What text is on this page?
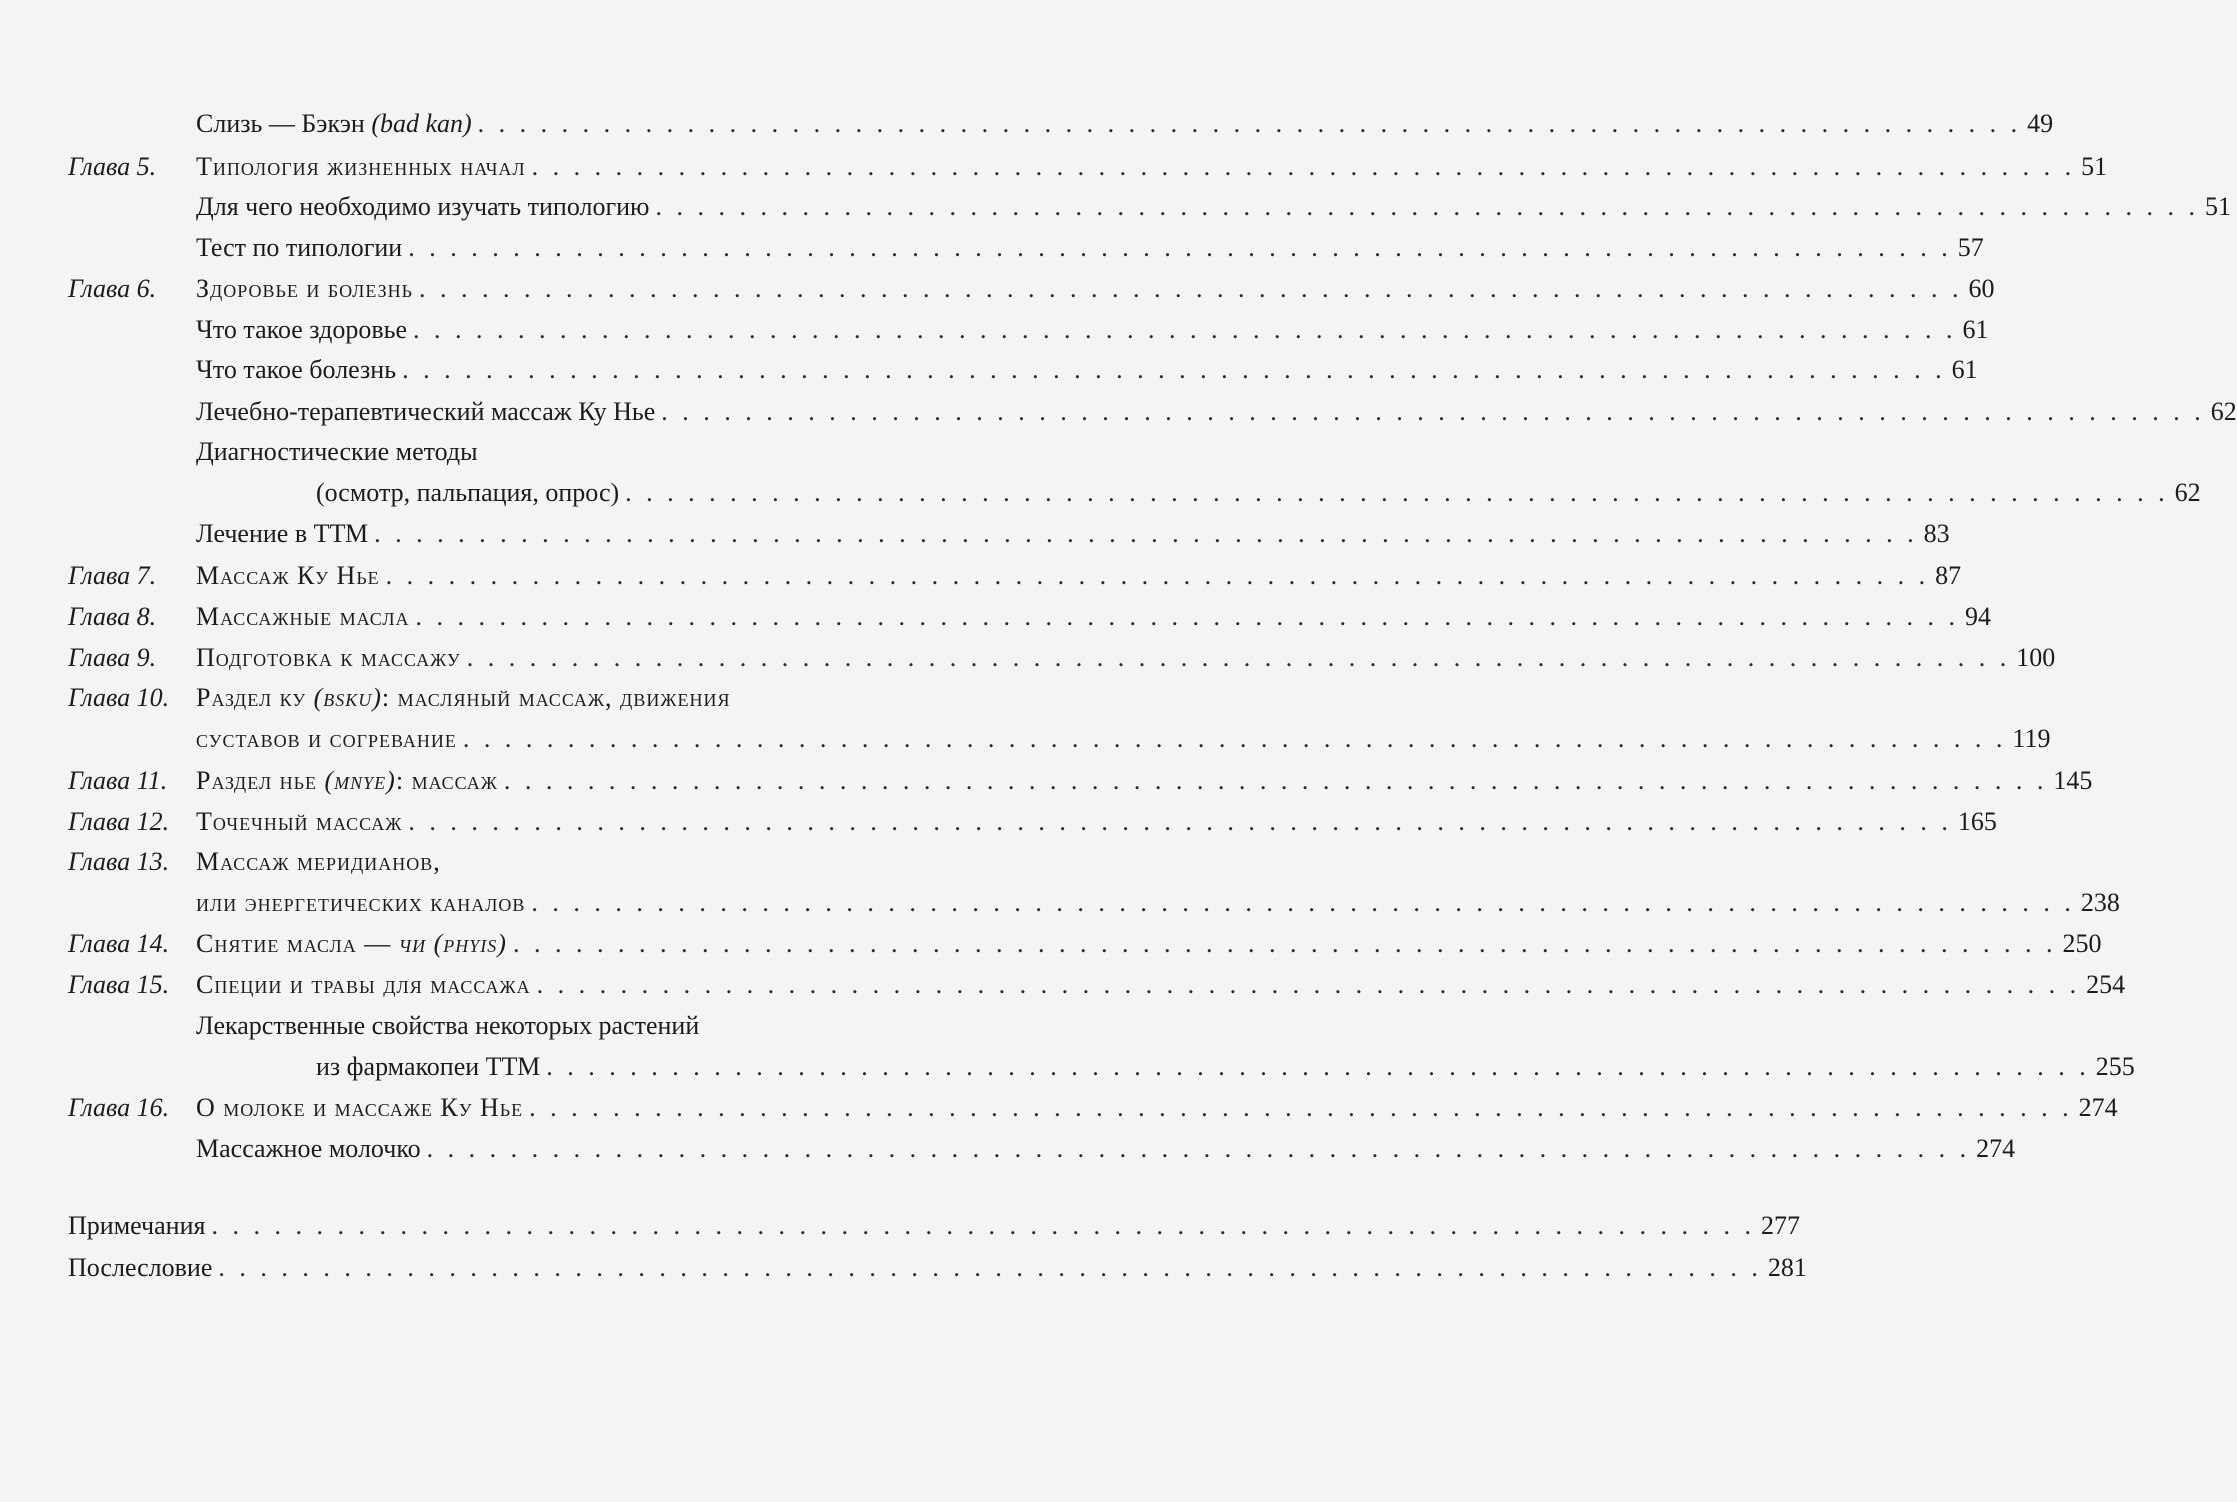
Слизь — Бэкэн (bad kan) . . . . . . . . . . . . . . . . . . . . . . . . . . . . . . . . . . . . . . . . . . . . . . . . . . . . . . . . . . . . . . . . . . . . . . . . . . 49
Глава 5. Типология жизненных начал . . . . . . . . . . . . . . . . . . . . . . . . . . . . . . . . . . . . . . . . . . . . . . . . . . . . . . . . . . . . . . . . . . . . . . . . . . 51
Для чего необходимо изучать типологию . . . . . . . . . . . . . . . . . . . . . . . . . . . . . . . . . . . . . . . . . . . . . . . . . . . . . . . . . . . . . . . . . . . . . . . . . . 51
Тест по типологии . . . . . . . . . . . . . . . . . . . . . . . . . . . . . . . . . . . . . . . . . . . . . . . . . . . . . . . . . . . . . . . . . . . . . . . . . . 57
Глава 6. Здоровье и болезнь . . . . . . . . . . . . . . . . . . . . . . . . . . . . . . . . . . . . . . . . . . . . . . . . . . . . . . . . . . . . . . . . . . . . . . . . . . 60
Что такое здоровье . . . . . . . . . . . . . . . . . . . . . . . . . . . . . . . . . . . . . . . . . . . . . . . . . . . . . . . . . . . . . . . . . . . . . . . . . . 61
Что такое болезнь . . . . . . . . . . . . . . . . . . . . . . . . . . . . . . . . . . . . . . . . . . . . . . . . . . . . . . . . . . . . . . . . . . . . . . . . . . 61
Лечебно-терапевтический массаж Ку Нье . . . . . . . . . . . . . . . . . . . . . . . . . . . . . . . . . . . . . . . . . . . . . . . . . . . . . . . . . . . . . . . . . . . . . . . . . . 62
Диагностические методы
(осмотр, пальпация, опрос) . . . . . . . . . . . . . . . . . . . . . . . . . . . . . . . . . . . . . . . . . . . . . . . . . . . . . . . . . . . . . . . . . . . . . . . . . . 62
Лечение в ТТМ . . . . . . . . . . . . . . . . . . . . . . . . . . . . . . . . . . . . . . . . . . . . . . . . . . . . . . . . . . . . . . . . . . . . . . . . . . 83
Глава 7. Массаж Ку Нье . . . . . . . . . . . . . . . . . . . . . . . . . . . . . . . . . . . . . . . . . . . . . . . . . . . . . . . . . . . . . . . . . . . . . . . . . . 87
Глава 8. Массажные масла . . . . . . . . . . . . . . . . . . . . . . . . . . . . . . . . . . . . . . . . . . . . . . . . . . . . . . . . . . . . . . . . . . . . . . . . . . 94
Глава 9. Подготовка к массажу . . . . . . . . . . . . . . . . . . . . . . . . . . . . . . . . . . . . . . . . . . . . . . . . . . . . . . . . . . . . . . . . . . . . . . . . . . 100
Глава 10. Раздел ку (bsku): масляный массаж, движения
суставов и согревание . . . . . . . . . . . . . . . . . . . . . . . . . . . . . . . . . . . . . . . . . . . . . . . . . . . . . . . . . . . . . . . . . . . . . . . . . . 119
Глава 11. Раздел нье (mnye): массаж . . . . . . . . . . . . . . . . . . . . . . . . . . . . . . . . . . . . . . . . . . . . . . . . . . . . . . . . . . . . . . . . . . . . . . . . . . 145
Глава 12. Точечный массаж . . . . . . . . . . . . . . . . . . . . . . . . . . . . . . . . . . . . . . . . . . . . . . . . . . . . . . . . . . . . . . . . . . . . . . . . . . 165
Глава 13. Массаж меридианов,
или энергетических каналов . . . . . . . . . . . . . . . . . . . . . . . . . . . . . . . . . . . . . . . . . . . . . . . . . . . . . . . . . . . . . . . . . . . . . . . . . . 238
Глава 14. Снятие масла — чи (phyis) . . . . . . . . . . . . . . . . . . . . . . . . . . . . . . . . . . . . . . . . . . . . . . . . . . . . . . . . . . . . . . . . . . . . . . . . . . 250
Глава 15. Специи и травы для массажа . . . . . . . . . . . . . . . . . . . . . . . . . . . . . . . . . . . . . . . . . . . . . . . . . . . . . . . . . . . . . . . . . . . . . . . . . . 254
Лекарственные свойства некоторых растений
из фармакопеи ТТМ . . . . . . . . . . . . . . . . . . . . . . . . . . . . . . . . . . . . . . . . . . . . . . . . . . . . . . . . . . . . . . . . . . . . . . . . . . 255
Глава 16. О молоке и массаже Ку Нье . . . . . . . . . . . . . . . . . . . . . . . . . . . . . . . . . . . . . . . . . . . . . . . . . . . . . . . . . . . . . . . . . . . . . . . . . . 274
Массажное молочко . . . . . . . . . . . . . . . . . . . . . . . . . . . . . . . . . . . . . . . . . . . . . . . . . . . . . . . . . . . . . . . . . . . . . . . . . . 274
Примечания . . . . . . . . . . . . . . . . . . . . . . . . . . . . . . . . . . . . . . . . . . . . . . . . . . . . . . . . . . . . . . . . . . . . . . . . . . 277
Послесловие . . . . . . . . . . . . . . . . . . . . . . . . . . . . . . . . . . . . . . . . . . . . . . . . . . . . . . . . . . . . . . . . . . . . . . . . . . 281
